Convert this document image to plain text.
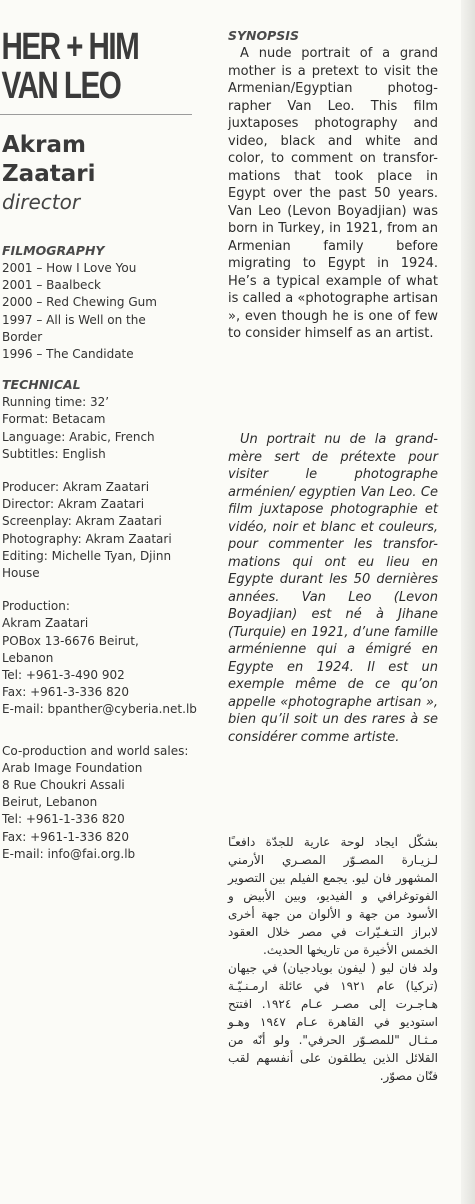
HER + HIM
VAN LEO
Akram
Zaatari
director
FILMOGRAPHY
2001 – How I Love You
2001 – Baalbeck
2000 – Red Chewing Gum
1997 – All is Well on the
Border
1996 – The Candidate
TECHNICAL
Running time: 32’
Format: Betacam
Language: Arabic, French
Subtitles: English
Producer: Akram Zaatari
Director: Akram Zaatari
Screenplay: Akram Zaatari
Photography: Akram Zaatari
Editing: Michelle Tyan, Djinn
House
Production:
Akram Zaatari
POBox 13-6676 Beirut,
Lebanon
Tel: +961-3-490 902
Fax: +961-3-336 820
E-mail: bpanther@cyberia.net.lb
Co-production and world sales:
Arab Image Foundation
8 Rue Choukri Assali
Beirut, Lebanon
Tel: +961-1-336 820
Fax: +961-1-336 820
E-mail: info@fai.org.lb
SYNOPSIS

A nude portrait of a grand mother is a pretext to visit the Armenian/Egyptian photog-rapher Van Leo. This film juxtaposes photography and video, black and white and color, to comment on transfor-mations that took place in Egypt over the past 50 years. Van Leo (Levon Boyadjian) was born in Turkey, in 1921, from an Armenian family before migrating to Egypt in 1924. He’s a typical example of what is called a «photographe artisan », even though he is one of few to consider himself as an artist.

Un portrait nu de la grand-mère sert de prétexte pour visiter le photographe arménien/ egyptien Van Leo. Ce film juxtapose photographie et vidéo, noir et blanc et couleurs, pour commenter les transfor-mations qui ont eu lieu en Egypte durant les 50 dernières années. Van Leo (Levon Boyadjian) est né à Jihane (Turquie) en 1921, d’une famille arménienne qui a émigré en Egypte en 1924. Il est un exemple même de ce qu’on appelle «photographe artisan », bien qu’il soit un des rares à se considérer comme artiste.

بشكّل ايجاد لوحة عارية للجدّة دافعـًا لـزيـارة المصـوّر المصـري الأرمني المشهور فان ليو. يجمع الفيلم بين التصوير الفوتوغرافي و الفيديو، وبين الأبيض و الأسود من جهة و الألوان من جهة أخرى لابراز التـغـيّرات في مصر خلال العقود الخمس الأخيرة من تاريخها الحديث.

ولد فان ليو ( ليفون بويادجيان) في جيهان (تركيا) عام ١٩٢١ في عائلة ارمـنـيّـة هـاجـرت إلى مصـر عـام ١٩٢٤. افتتح استوديو في القاهرة عـام ١٩٤٧ وهـو مـثـال "للمصـوّر الحرفي". ولو أنّه من القلائل الذين يطلقون على أنفسهم لقب فنّان مصوّر.
